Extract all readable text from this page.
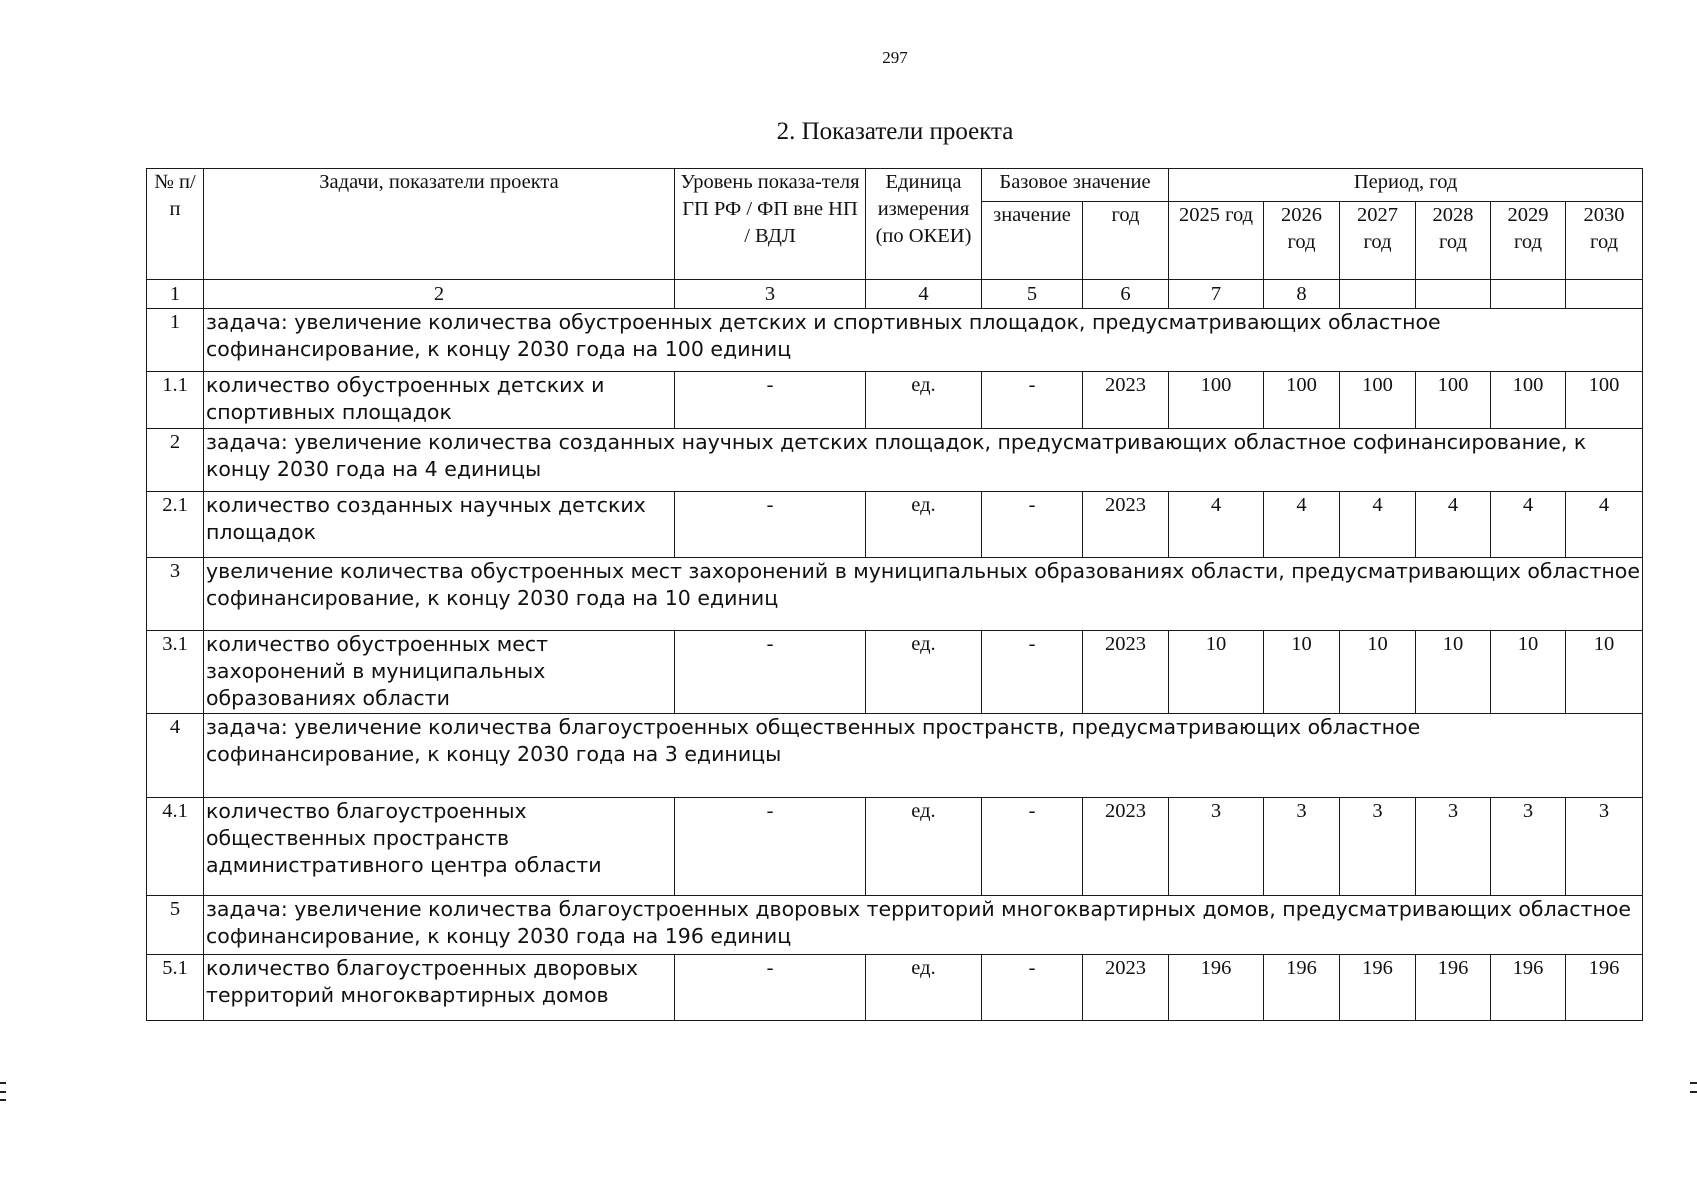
297
2. Показатели проекта
№ п/п	Задачи, показатели проекта	Уровень показа-теля ГП РФ / ФП вне НП / ВДЛ	Единица измерения (по ОКЕИ)	Базовое значение		Период, год					
				значение	год	2025 год	2026 год	2027 год	2028 год	2029 год	2030 год
1	2	3	4	5	6	7	8				
1	задача: увеличение количества обустроенных детских и спортивных площадок, предусматривающих областное софинансирование, к концу 2030 года на 100 единиц										
1.1	количество обустроенных детских и спортивных площадок	-	ед.	-	2023	100	100	100	100	100	100
2	задача: увеличение количества созданных научных детских площадок, предусматривающих областное софинансирование, к концу 2030 года на 4 единицы										
2.1	количество созданных научных детских площадок	-	ед.	-	2023	4	4	4	4	4	4
3	увеличение количества обустроенных мест захоронений в муниципальных образованиях области, предусматривающих областное софинансирование, к концу 2030 года на 10 единиц										
3.1	количество обустроенных мест захоронений в муниципальных образованиях области	-	ед.	-	2023	10	10	10	10	10	10
4	задача: увеличение количества благоустроенных общественных пространств, предусматривающих областное софинансирование, к концу 2030 года на 3 единицы										
4.1	количество благоустроенных общественных пространств административного центра области	-	ед.	-	2023	3	3	3	3	3	3
5	задача: увеличение количества благоустроенных дворовых территорий многоквартирных домов, предусматривающих областное софинансирование, к концу 2030 года на 196 единиц										
5.1	количество благоустроенных дворовых территорий многоквартирных домов	-	ед.	-	2023	196	196	196	196	196	196
